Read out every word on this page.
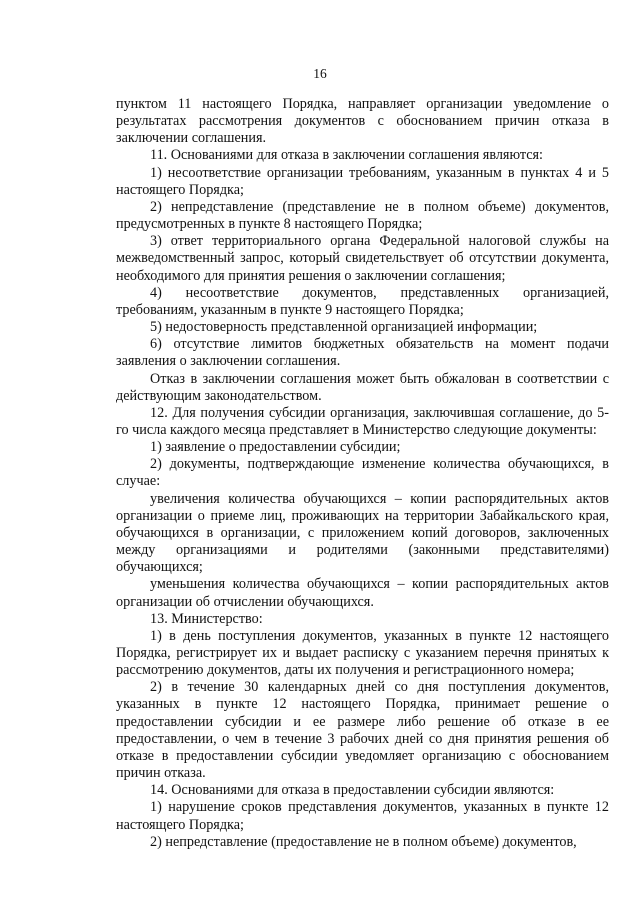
16

пунктом 11 настоящего Порядка, направляет организации уведомление о результатах рассмотрения документов с обоснованием причин отказа в заключении соглашения.

11. Основаниями для отказа в заключении соглашения являются:

1) несоответствие организации требованиям, указанным в пунктах 4 и 5 настоящего Порядка;

2) непредставление (представление не в полном объеме) документов, предусмотренных в пункте 8 настоящего Порядка;

3) ответ территориального органа Федеральной налоговой службы на межведомственный запрос, который свидетельствует об отсутствии документа, необходимого для принятия решения о заключении соглашения;

4) несоответствие документов, представленных организацией, требованиям, указанным в пункте 9 настоящего Порядка;

5) недостоверность представленной организацией информации;

6) отсутствие лимитов бюджетных обязательств на момент подачи заявления о заключении соглашения.

Отказ в заключении соглашения может быть обжалован в соответствии с действующим законодательством.

12. Для получения субсидии организация, заключившая соглашение, до 5-го числа каждого месяца представляет в Министерство следующие документы:

1) заявление о предоставлении субсидии;

2) документы, подтверждающие изменение количества обучающихся, в случае:

увеличения количества обучающихся – копии распорядительных актов организации о приеме лиц, проживающих на территории Забайкальского края, обучающихся в организации, с приложением копий договоров, заключенных между организациями и родителями (законными представителями) обучающихся;

уменьшения количества обучающихся – копии распорядительных актов организации об отчислении обучающихся.

13. Министерство:

1) в день поступления документов, указанных в пункте 12 настоящего Порядка, регистрирует их и выдает расписку с указанием перечня принятых к рассмотрению документов, даты их получения и регистрационного номера;

2) в течение 30 календарных дней со дня поступления документов, указанных в пункте 12 настоящего Порядка, принимает решение о предоставлении субсидии и ее размере либо решение об отказе в ее предоставлении, о чем в течение 3 рабочих дней со дня принятия решения об отказе в предоставлении субсидии уведомляет организацию с обоснованием причин отказа.

14. Основаниями для отказа в предоставлении субсидии являются:

1) нарушение сроков представления документов, указанных в пункте 12 настоящего Порядка;

2) непредставление (предоставление не в полном объеме) документов,
